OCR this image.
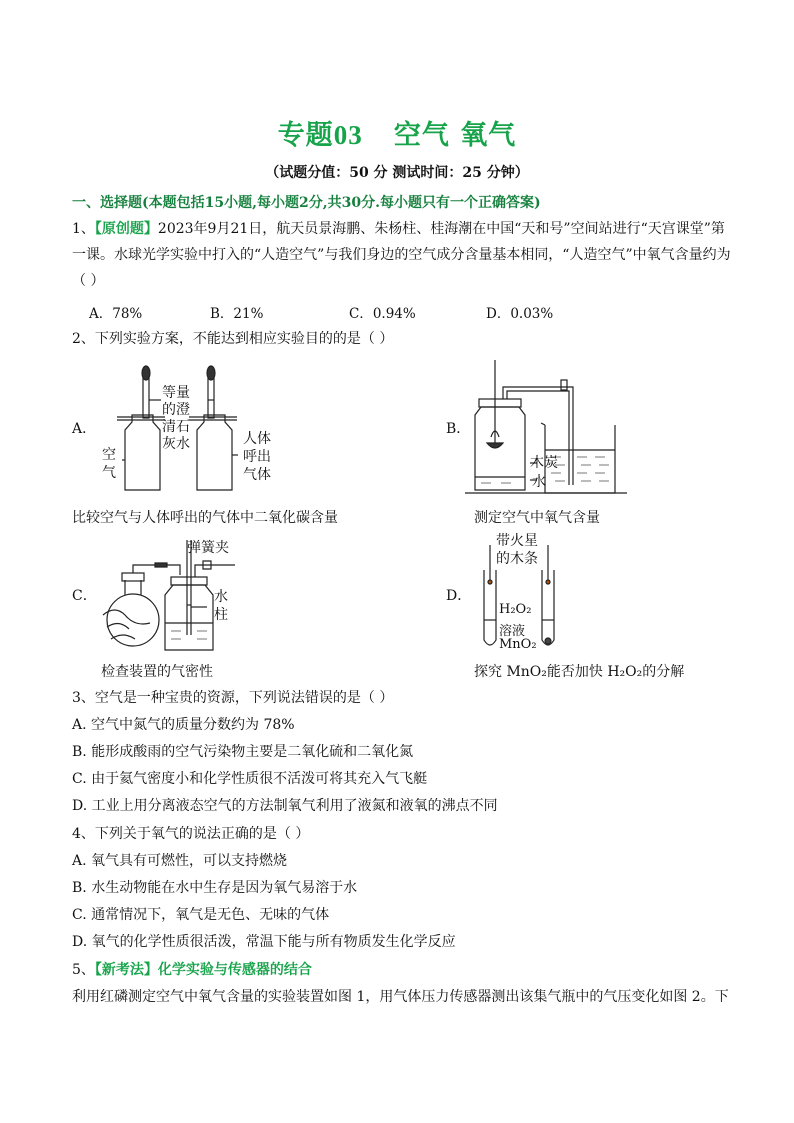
专题03 空气 氧气
（试题分值：50 分 测试时间：25 分钟）
一、选择题(本题包括15小题,每小题2分,共30分.每小题只有一个正确答案)
1、【原创题】2023年9月21日，航天员景海鹏、朱杨柱、桂海潮在中国“天和号”空间站进行“天宫课堂”第
一课。水球光学实验中打入的“人造空气”与我们身边的空气成分含量基本相同，“人造空气”中氧气含量约为
（ ）
A．78%	B．21%	C．0.94%	D．0.03%
2、下列实验方案，不能达到相应实验目的的是（ ）
A．
等量
的澄
清石
灰水
空
气
人体
呼出
气体
比较空气与人体呼出的气体中二氧化碳含量
B．
木炭
水
测定空气中氧气含量
C．
弹簧夹
水
柱
检查装置的气密性
D．
带火星
的木条
H₂O₂
溶液
MnO₂
探究 MnO₂能否加快 H₂O₂的分解
3、空气是一种宝贵的资源，下列说法错误的是（ ）
A. 空气中氮气的质量分数约为 78%
B. 能形成酸雨的空气污染物主要是二氧化硫和二氧化氮
C. 由于氦气密度小和化学性质很不活泼可将其充入气飞艇
D. 工业上用分离液态空气的方法制氧气利用了液氮和液氧的沸点不同
4、下列关于氧气的说法正确的是（ ）
A. 氧气具有可燃性，可以支持燃烧
B. 水生动物能在水中生存是因为氧气易溶于水
C. 通常情况下，氧气是无色、无味的气体
D. 氧气的化学性质很活泼，常温下能与所有物质发生化学反应
5、【新考法】化学实验与传感器的结合
利用红磷测定空气中氧气含量的实验装置如图 1，用气体压力传感器测出该集气瓶中的气压变化如图 2。下
